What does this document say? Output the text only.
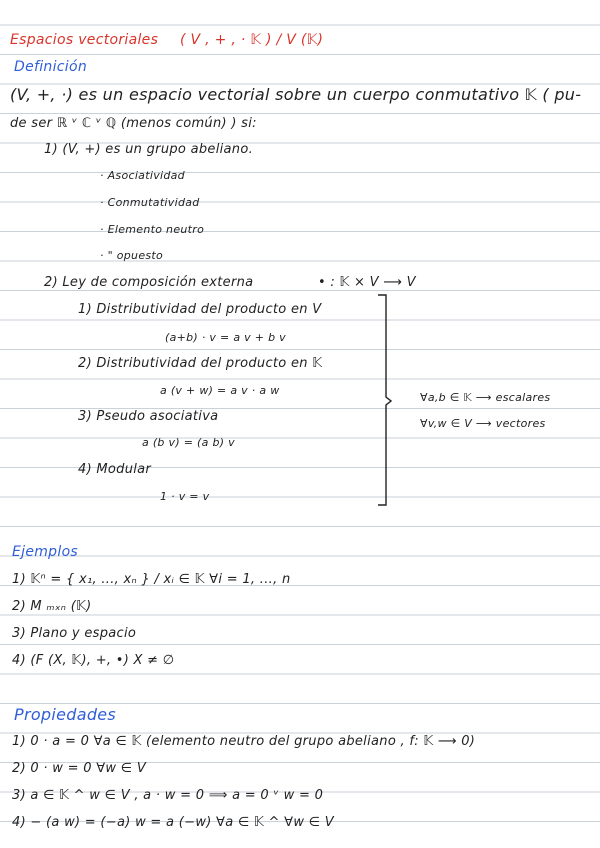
Espacios vectoriales ( V , + , · 𝕂 ) / V (𝕂)
Definición
(V, +, ·) es un espacio vectorial sobre un cuerpo conmutativo 𝕂 ( pu-
de ser ℝ ᵛ ℂ ᵛ ℚ (menos común) ) si:
1) (V, +) es un grupo abeliano.
· Asociatividad
· Conmutatividad
· Elemento neutro
· " opuesto
2) Ley de composición externa	• : 𝕂 × V ⟶ V
1) Distributividad del producto en V
(a+b) · v = a v + b v
2) Distributividad del producto en 𝕂
a (v + w) = a v · a w
3) Pseudo asociativa
a (b v) = (a b) v
4) Modular
1 · v = v
∀a,b ∈ 𝕂 ⟶ escalares
∀v,w ∈ V ⟶ vectores
Ejemplos
1) 𝕂ⁿ = { x₁, ..., xₙ } / xᵢ ∈ 𝕂 ∀i = 1, ..., n
2) M ₘₓₙ (𝕂)
3) Plano y espacio
4) (F (X, 𝕂), +, •) X ≠ ∅
Propiedades
1) 0 · a = 0 ∀a ∈ 𝕂 (elemento neutro del grupo abeliano , f: 𝕂 ⟶ 0)
2) 0 · w = 0 ∀w ∈ V
3) a ∈ 𝕂 ^ w ∈ V , a · w = 0 ⟹ a = 0 ᵛ w = 0
4) − (a w) = (−a) w = a (−w) ∀a ∈ 𝕂 ^ ∀w ∈ V
